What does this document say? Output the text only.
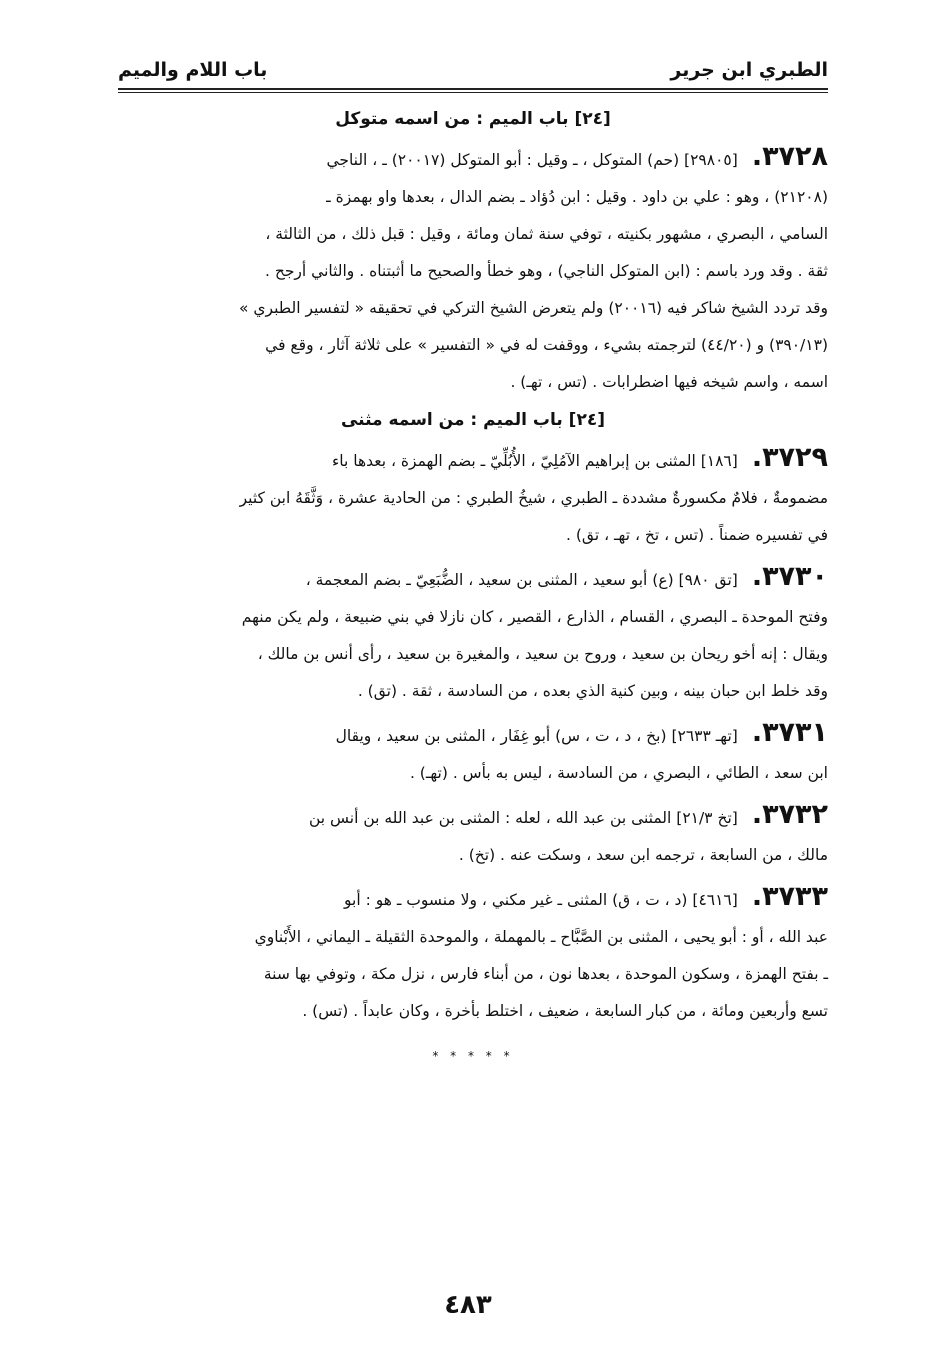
الطبري ابن جرير
باب اللام والميم
[٢٤] باب الميم : من اسمه متوكل

٣٧٢٨.[٢٩٨٠٥] (حم) المتوكل ، ـ وقيل : أبو المتوكل (٢٠٠١٧) ـ ، الناجي

(٢١٢٠٨) ، وهو : علي بن داود . وقيل : ابن دُؤاد ـ بضم الدال ، بعدها واو بهمزة ـ

السامي ، البصري ، مشهور بكنيته ، توفي سنة ثمان ومائة ، وقيل : قبل ذلك ، من الثالثة ،

ثقة . وقد ورد باسم : (ابن المتوكل الناجي) ، وهو خطأ والصحيح ما أثبتناه . والثاني أرجح .

وقد تردد الشيخ شاكر فيه (٢٠٠١٦) ولم يتعرض الشيخ التركي في تحقيقه « لتفسير الطبري »

(٣٩٠/١٣) و (٤٤/٢٠) لترجمته بشيء ، ووقفت له في « التفسير » على ثلاثة آثار ، وقع في

اسمه ، واسم شيخه فيها اضطرابات . (تس ، تهـ) .

[٢٤] باب الميم : من اسمه مثنى

٣٧٢٩.[١٨٦] المثنى بن إبراهيم الآمُلِيّ ، الأُبُلِّيّ ـ بضم الهمزة ، بعدها باء

مضمومةٌ ، فلامٌ مكسورةٌ مشددة ـ الطبري ، شيخُ الطبري : من الحادية عشرة ، وَثَّقَهُ ابن كثير

في تفسيره ضمناً . (تس ، تخ ، تهـ ، تق) .

٣٧٣٠.[تق ٩٨٠] (ع) أبو سعيد ، المثنى بن سعيد ، الضُّبَعِيّ ـ بضم المعجمة ،

وفتح الموحدة ـ البصري ، القسام ، الذارع ، القصير ، كان نازلا في بني ضبيعة ، ولم يكن منهم

ويقال : إنه أخو ريحان بن سعيد ، وروح بن سعيد ، والمغيرة بن سعيد ، رأى أنس بن مالك ،

وقد خلط ابن حبان بينه ، وبين كنية الذي بعده ، من السادسة ، ثقة . (تق) .

٣٧٣١.[تهـ ٢٦٣٣] (بخ ، د ، ت ، س) أبو غِفَار ، المثنى بن سعيد ، ويقال

ابن سعد ، الطائي ، البصري ، من السادسة ، ليس به بأس . (تهـ) .

٣٧٣٢.[تخ ٢١/٣] المثنى بن عبد الله ، لعله : المثنى بن عبد الله بن أنس بن

مالك ، من السابعة ، ترجمه ابن سعد ، وسكت عنه . (تخ) .

٣٧٣٣.[٤٦١٦] (د ، ت ، ق) المثنى ـ غير مكني ، ولا منسوب ـ هو : أبو

عبد الله ، أو : أبو يحيى ، المثنى بن الصَّبَّاح ـ بالمهملة ، والموحدة الثقيلة ـ اليماني ، الأَبْناوي

ـ بفتح الهمزة ، وسكون الموحدة ، بعدها نون ، من أبناء فارس ، نزل مكة ، وتوفي بها سنة

تسع وأربعين ومائة ، من كبار السابعة ، ضعيف ، اختلط بأخرة ، وكان عابداً . (تس) .

* * * * *
٤٨٣
